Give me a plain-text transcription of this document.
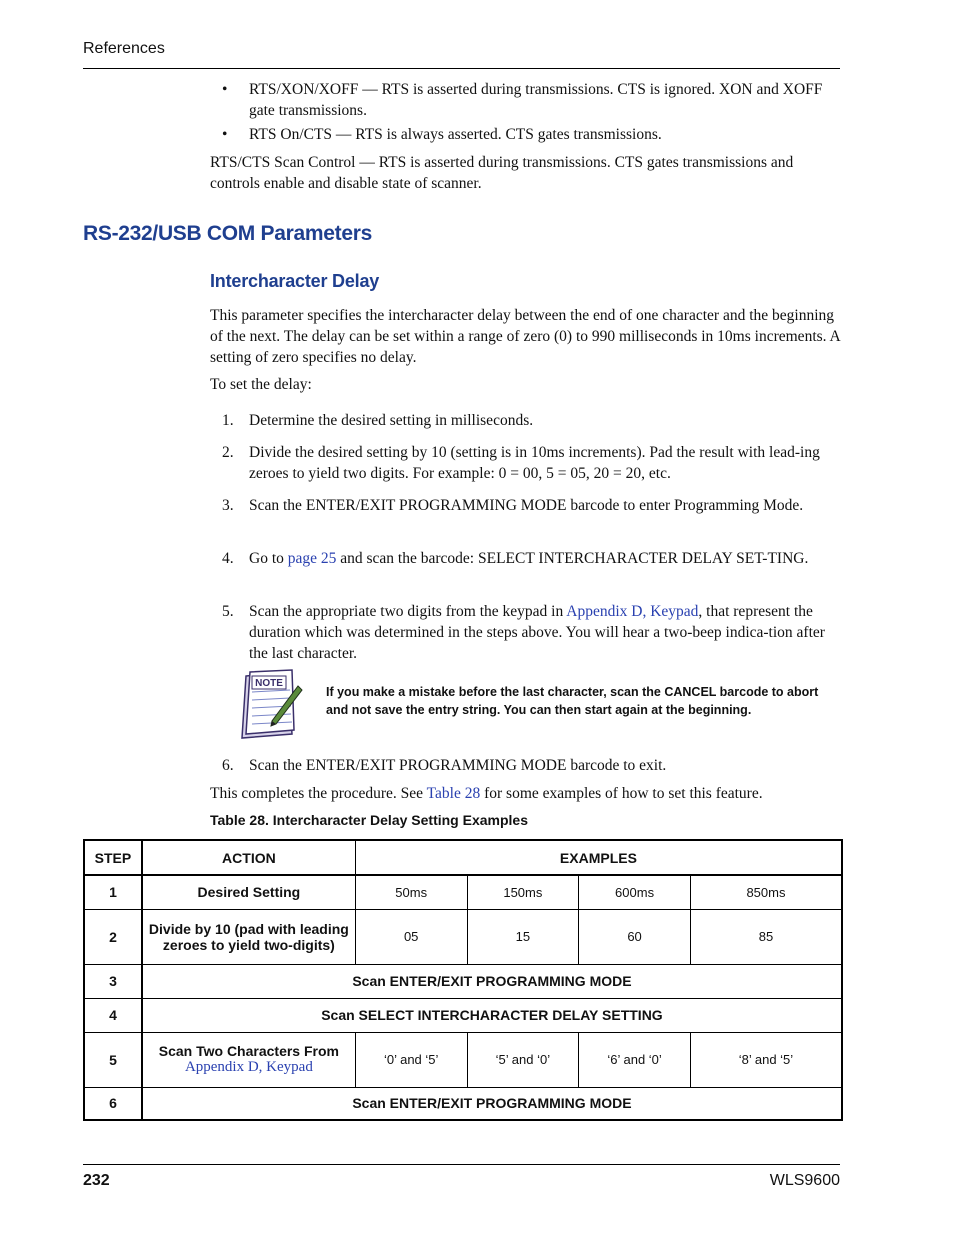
References
• RTS/XON/XOFF — RTS is asserted during transmissions. CTS is ignored. XON and XOFF gate transmissions.
• RTS On/CTS — RTS is always asserted. CTS gates transmissions.
RTS/CTS Scan Control — RTS is asserted during transmissions. CTS gates transmissions and controls enable and disable state of scanner.
RS-232/USB COM Parameters
Intercharacter Delay
This parameter specifies the intercharacter delay between the end of one character and the beginning of the next. The delay can be set within a range of zero (0) to 990 milliseconds in 10ms increments. A setting of zero specifies no delay.
To set the delay:
1. Determine the desired setting in milliseconds.
2. Divide the desired setting by 10 (setting is in 10ms increments). Pad the result with lead-ing zeroes to yield two digits. For example: 0 = 00, 5 = 05, 20 = 20, etc.
3. Scan the ENTER/EXIT PROGRAMMING MODE barcode to enter Programming Mode.
4. Go to page 25 and scan the barcode: SELECT INTERCHARACTER DELAY SET-TING.
5. Scan the appropriate two digits from the keypad in Appendix D, Keypad, that represent the duration which was determined in the steps above. You will hear a two-beep indica-tion after the last character.
NOTE
If you make a mistake before the last character, scan the CANCEL barcode to abort and not save the entry string. You can then start again at the beginning.
6. Scan the ENTER/EXIT PROGRAMMING MODE barcode to exit.
This completes the procedure. See Table 28 for some examples of how to set this feature.
Table 28. Intercharacter Delay Setting Examples
STEP	ACTION	EXAMPLES			
1	Desired Setting	50ms	150ms	600ms	850ms
2	Divide by 10 (pad with leading zeroes to yield two-digits)	05	15	60	85
3	Scan ENTER/EXIT PROGRAMMING MODE				
4	Scan SELECT INTERCHARACTER DELAY SETTING				
5	Scan Two Characters From
Appendix D, Keypad	‘0’ and ‘5’	‘5’ and ‘0’	‘6’ and ‘0’	‘8’ and ‘5’
6	Scan ENTER/EXIT PROGRAMMING MODE				
232	WLS9600
